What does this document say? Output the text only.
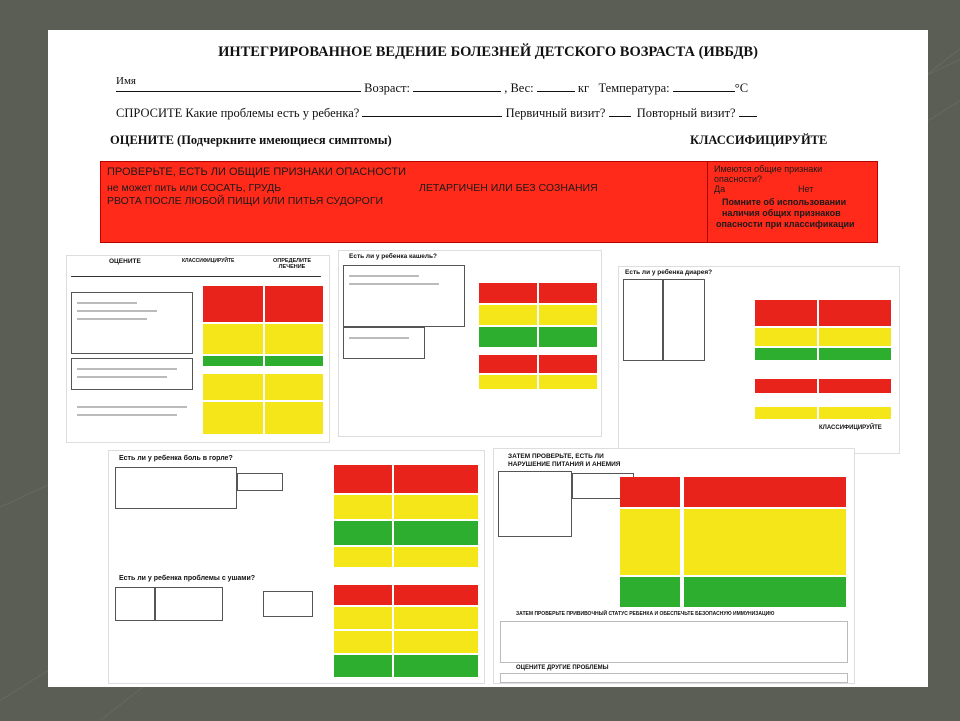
ИНТЕГРИРОВАННОЕ ВЕДЕНИЕ БОЛЕЗНЕЙ ДЕТСКОГО ВОЗРАСТА (ИВБДВ)
Имя	Возраст:	, Вес:	кг Температура:	°С
СПРОСИТЕ Какие проблемы есть у ребенка?	Первичный визит?	Повторный визит?
ОЦЕНИТЕ (Подчеркните имеющиеся симптомы)	КЛАССИФИЦИРУЙТЕ
ПРОВЕРЬТЕ, ЕСТЬ ЛИ ОБЩИЕ ПРИЗНАКИ ОПАСНОСТИ
не может пить или СОСАТЬ, ГРУДЬ	ЛЕТАРГИЧЕН ИЛИ БЕЗ СОЗНАНИЯ
РВОТА ПОСЛЕ ЛЮБОЙ ПИЩИ ИЛИ ПИТЬЯ СУДОРОГИ
Имеются общие признаки
опасности?
Да	Нет
Помните об использовании
наличия общих признаков
опасности при классификации
ОЦЕНИТЕ	КЛАССИФИЦИРУЙТЕ	ОПРЕДЕЛИТЕ ЛЕЧЕНИЕ
Есть ли у ребенка кашель?
Есть ли у ребенка диарея?
КЛАССИФИЦИРУЙТЕ
Есть ли у ребенка боль в горле?
Есть ли у ребенка проблемы с ушами?
ЗАТЕМ ПРОВЕРЬТЕ, ЕСТЬ ЛИ
НАРУШЕНИЕ ПИТАНИЯ И АНЕМИЯ
ЗАТЕМ ПРОВЕРЬТЕ ПРИВИВОЧНЫЙ СТАТУС РЕБЕНКА И ОБЕСПЕЧЬТЕ БЕЗОПАСНУЮ ИММУНИЗАЦИЮ
ОЦЕНИТЕ ДРУГИЕ ПРОБЛЕМЫ
